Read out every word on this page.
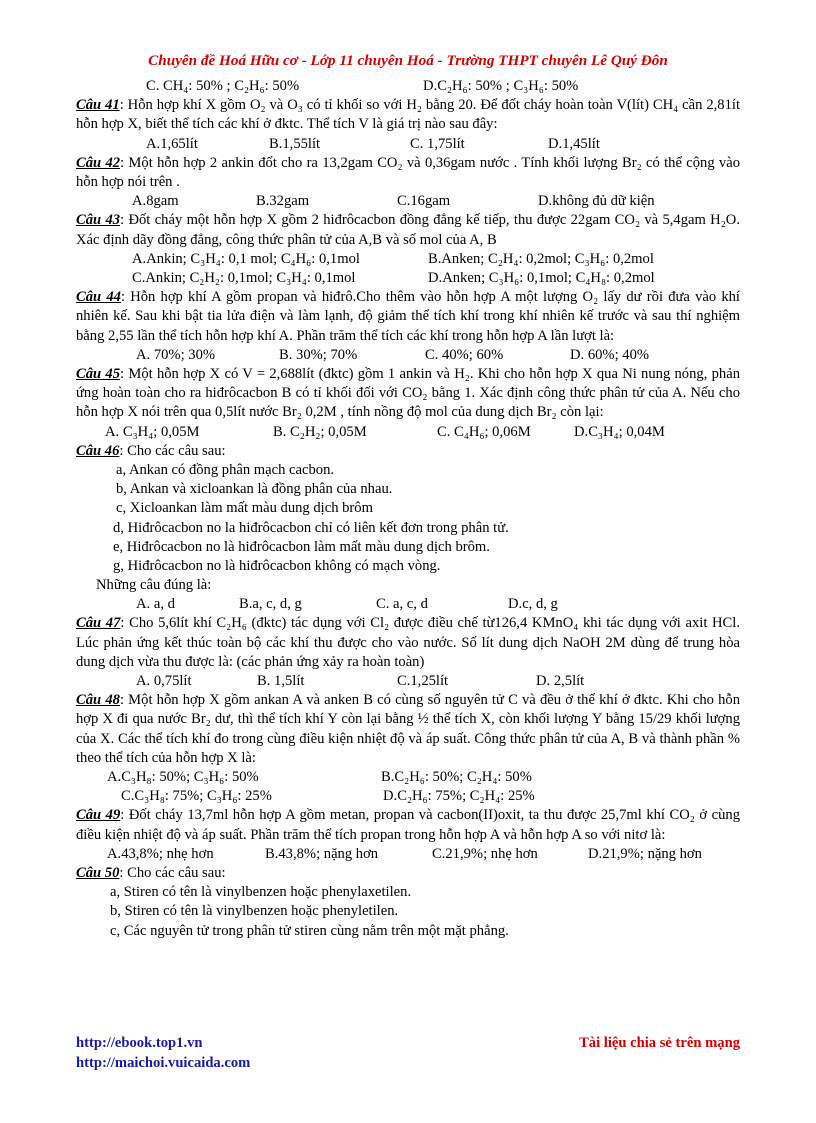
Chuyên đề Hoá Hữu cơ - Lớp 11 chuyên Hoá - Trường THPT chuyên Lê Quý Đôn
C. CH₄: 50% ; C₂H₆: 50%	D.C₂H₆: 50% ; C₃H₆: 50%

Câu 41: Hỗn hợp khí X gồm O₂ và O₃ có tỉ khối so với H₂ bằng 20. Để đốt cháy hoàn toàn V(lít) CH₄ cần 2,81ít hỗn hợp X, biết thể tích các khí ở đktc. Thể tích V là giá trị nào sau đây:

A.1,65lít	B.1,55lít	C. 1,75lít	D.1,45lít

Câu 42: Một hỗn hợp 2 ankin đốt cho ra 13,2gam CO₂ và 0,36gam nước . Tính khối lượng Br₂ có thể cộng vào hỗn hợp nói trên .

A.8gam	B.32gam	C.16gam	D.không đủ dữ kiện

Câu 43: Đốt cháy một hỗn hợp X gồm 2 hiđrôcacbon đồng đẳng kế tiếp, thu được 22gam CO₂ và 5,4gam H₂O. Xác định dãy đồng đẳng, công thức phân tử của A,B và số mol của A, B

A.Ankin; C₃H₄: 0,1 mol; C₄H₆: 0,1mol	B.Anken; C₂H₄: 0,2mol; C₃H₆: 0,2mol
C.Ankin; C₂H₂: 0,1mol; C₃H₄: 0,1mol	D.Anken; C₃H₆: 0,1mol; C₄H₈: 0,2mol

Câu 44: Hỗn hợp khí A gồm propan và hiđrô.Cho thêm vào hỗn hợp A một lượng O₂ lấy dư rồi đưa vào khí nhiên kế. Sau khi bật tia lửa điện và làm lạnh, độ giảm thể tích khí trong khí nhiên kế trước và sau thí nghiệm bằng 2,55 lần thể tích hỗn hợp khí A. Phần trăm thể tích các khí trong hỗn hợp A lần lượt là:

A. 70%; 30%	B. 30%; 70%	C. 40%; 60%	D. 60%; 40%

Câu 45: Một hỗn hợp X có V = 2,688lít (đktc) gồm 1 ankin và H₂. Khi cho hỗn hợp X qua Ni nung nóng, phản ứng hoàn toàn cho ra hiđrôcacbon B có tỉ khối đối với CO₂ bằng 1. Xác định công thức phân tử của A. Nếu cho hỗn hợp X nói trên qua 0,5lít nước Br₂ 0,2M , tính nồng độ mol của dung dịch Br₂ còn lại:

A. C₃H₄; 0,05M	B. C₂H₂; 0,05M	C. C₄H₆; 0,06M	D.C₃H₄; 0,04M

Câu 46: Cho các câu sau:

a, Ankan có đồng phân mạch cacbon.
b, Ankan và xicloankan là đồng phân của nhau.
c, Xicloankan làm mất màu dung dịch brôm
d, Hiđrôcacbon no la hiđrôcacbon chỉ có liên kết đơn trong phân tử.
e, Hiđrôcacbon no là hiđrôcacbon làm mất màu dung dịch brôm.
g, Hiđrôcacbon no là hiđrôcacbon không có mạch vòng.
Những câu đúng là:
A. a, d	B.a, c, d, g	C. a, c, d	D.c, d, g

Câu 47: Cho 5,6lít khí C₂H₆ (đktc) tác dụng với Cl₂ được điều chế từ126,4 KMnO₄ khi tác dụng với axit HCl. Lúc phản ứng kết thúc toàn bộ các khí thu được cho vào nước. Số lít dung dịch NaOH 2M dùng để trung hòa dung dịch vừa thu được là: (các phản ứng xảy ra hoàn toàn)

A. 0,75lít	B. 1,5lít	C.1,25lít	D. 2,5lít

Câu 48: Một hỗn hợp X gồm ankan A và anken B có cùng số nguyên tử C và đều ở thể khí ở đktc. Khi cho hỗn hợp X đi qua nước Br₂ dư, thì thể tích khí Y còn lại bằng ½ thể tích X, còn khối lượng Y bằng 15/29 khối lượng của X. Các thể tích khí đo trong cùng điều kiện nhiệt độ và áp suất. Công thức phân tử của A, B và thành phần % theo thể tích của hỗn hợp X là:

A.C₃H₈: 50%; C₃H₆: 50%	B.C₂H₆: 50%; C₂H₄: 50%
C.C₃H₈: 75%; C₃H₆: 25%	D.C₂H₆: 75%; C₂H₄: 25%

Câu 49: Đốt cháy 13,7ml hỗn hợp A gồm metan, propan và cacbon(II)oxit, ta thu được 25,7ml khí CO₂ ở cùng điều kiện nhiệt độ và áp suất. Phần trăm thể tích propan trong hỗn hợp A và hỗn hợp A so với nitơ là:

A.43,8%; nhẹ hơn	B.43,8%; nặng hơn	C.21,9%; nhẹ hơn	D.21,9%; nặng hơn

Câu 50: Cho các câu sau:

a, Stiren có tên là vinylbenzen hoặc phenylaxetilen.
b, Stiren có tên là vinylbenzen hoặc phenyletilen.
c, Các nguyên tử trong phân tử stiren cùng nằm trên một mặt phẳng.
http://ebook.top1.vn	Tài liệu chia sẻ trên mạng
http://maichoi.vuicaida.com
